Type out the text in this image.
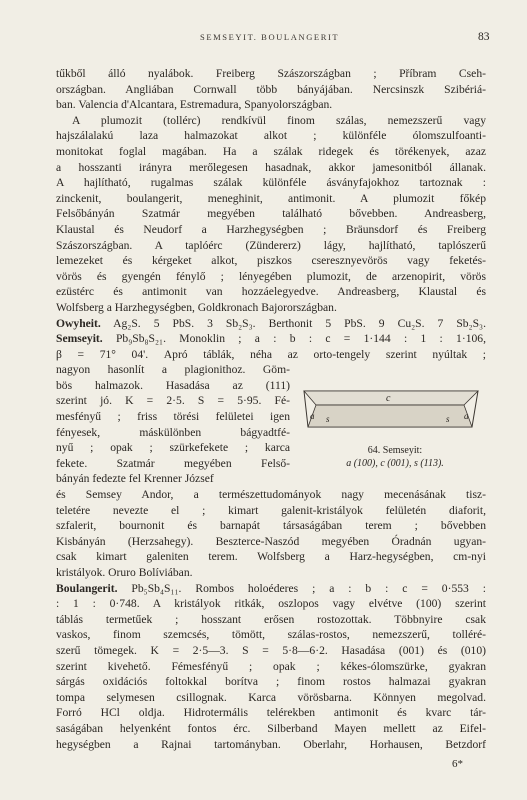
SEMSEYIT. BOULANGERIT	83
tűkből álló nyalábok. Freiberg Szászországban ; Příbram Cseh-
országban. Angliában Cornwall több bányájában. Nercsinszk Szibériá-
ban. Valencia d'Alcantara, Estremadura, Spanyolországban.
A plumozit (tollérc) rendkívül finom szálas, nemezszerű vagy
hajszálalakú laza halmazokat alkot ; különféle ólomszulfoanti-
monitokat foglal magában. Ha a szálak ridegek és törékenyek, azaz
a hosszanti irányra merőlegesen hasadnak, akkor jamesonitból állanak.
A hajlítható, rugalmas szálak különféle ásványfajokhoz tartoznak :
zinckenit, boulangerit, meneghinit, antimonit. A plumozit főkép
Felsőbányán Szatmár megyében található bővebben. Andreasberg,
Klaustal és Neudorf a Harzhegységben ; Bräunsdorf és Freiberg
Szászországban. A taplóérc (Zündererz) lágy, hajlítható, taplószerű
lemezeket és kérgeket alkot, piszkos cseresznyevörös vagy feketés-
vörös és gyengén fénylő ; lényegében plumozit, de arzenopirit, vörös
ezüstérc és antimonit van hozzáelegyedve. Andreasberg, Klaustal és
Wolfsberg a Harzhegységben, Goldkronach Bajorországban.
Owyheit. Ag₂S. 5 PbS. 3 Sb₂S₃. Berthonit 5 PbS. 9 Cu₂S. 7 Sb₂S₃.
Semseyit. Pb₉Sb₈S₂₁. Monoklin ; a : b : c = 1·144 : 1 : 1·106,
β = 71° 04'. Apró táblák, néha az orto-tengely szerint nyúltak ;
nagyon hasonlít a plagionithoz. Göm-
bös halmazok. Hasadása az (111)
szerint jó. K = 2·5. S = 5·95. Fé-
mesfényű ; friss törési felületei igen
fényesek, máskülönben bágyadtfé-
nyű ; opak ; szürkefekete ; karca
fekete. Szatmár megyében Felső-
bányán fedezte fel Krenner József
és Semsey Andor, a természettudományok nagy mecenásának tisz-
teletére nevezte el ; kimart galenit-kristályok felületén diaforit,
szfalerit, bournonit és barnapát társaságában terem ; bővebben
Kisbányán (Herzsahegy). Beszterce-Naszód megyében Óradnán ugyan-
csak kimart galeniten terem. Wolfsberg a Harz-hegységben, cm-nyi
kristályok. Oruro Bolíviában.
Boulangerit. Pb₅Sb₄S₁₁. Rombos holoéderes ; a : b : c = 0·553 :
: 1 : 0·748. A kristályok ritkák, oszlopos vagy elvétve (100) szerint
táblás termetűek ; hosszant erősen rostozottak. Többnyire csak
vaskos, finom szemcsés, tömött, szálas-rostos, nemezszerű, tolléré-
szerű tömegek. K = 2·5—3. S = 5·8—6·2. Hasadása (001) és (010)
szerint kivehető. Fémesfényű ; opak ; kékes-ólomszürke, gyakran
sárgás oxidációs foltokkal borítva ; finom rostos halmazai gyakran
tompa selymesen csillognak. Karca vörösbarna. Könnyen megolvad.
Forró HCl oldja. Hidrotermális telérekben antimonit és kvarc tár-
saságában helyenként fontos érc. Silberband Mayen mellett az Eifel-
hegységben a Rajnai tartományban. Oberlahr, Horhausen, Betzdorf
c
a s	s a
64. Semseyit:
a (100), c (001), s (113).
6*
